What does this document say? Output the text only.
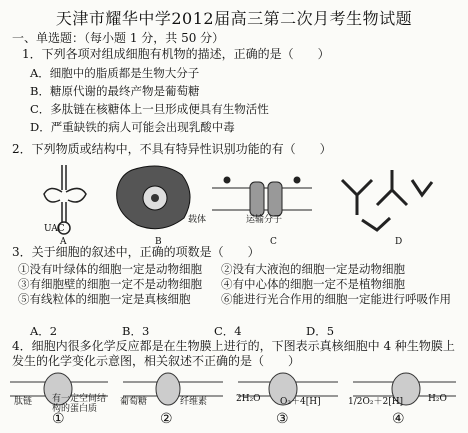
天津市耀华中学2012届高三第二次月考生物试题
一、单选题：（每小题 1 分，共 50 分）
1．下列各项对组成细胞有机物的描述，正确的是（　　）
A．细胞中的脂质都是生物大分子
B．糖原代谢的最终产物是葡萄糖
C．多肽链在核糖体上一旦形成便具有生物活性
D．严重缺铁的病人可能会出现乳酸中毒
2．下列物质或结构中，不具有特异性识别功能的有（　　）
UAC
载体	运输分子
A	B	C	D
3．关于细胞的叙述中，正确的项数是（　　）
①没有叶绿体的细胞一定是动物细胞	②没有大液泡的细胞一定是动物细胞
③有细胞壁的细胞一定不是动物细胞	④有中心体的细胞一定不是植物细胞
⑤有线粒体的细胞一定是真核细胞	⑥能进行光合作用的细胞一定能进行呼吸作用
A．2	B．3	C．4	D．5
4．细胞内很多化学反应都是在生物膜上进行的，下图表示真核细胞中 4 种生物膜上发生的化学变化示意图，相关叙述不正确的是（　　）
肽链 有一定空间结构的蛋白质
葡萄糖	纤维素	2H₂O O₂＋4[H]	1/2O₂＋2[H]	H₂O
①	②	③	④
